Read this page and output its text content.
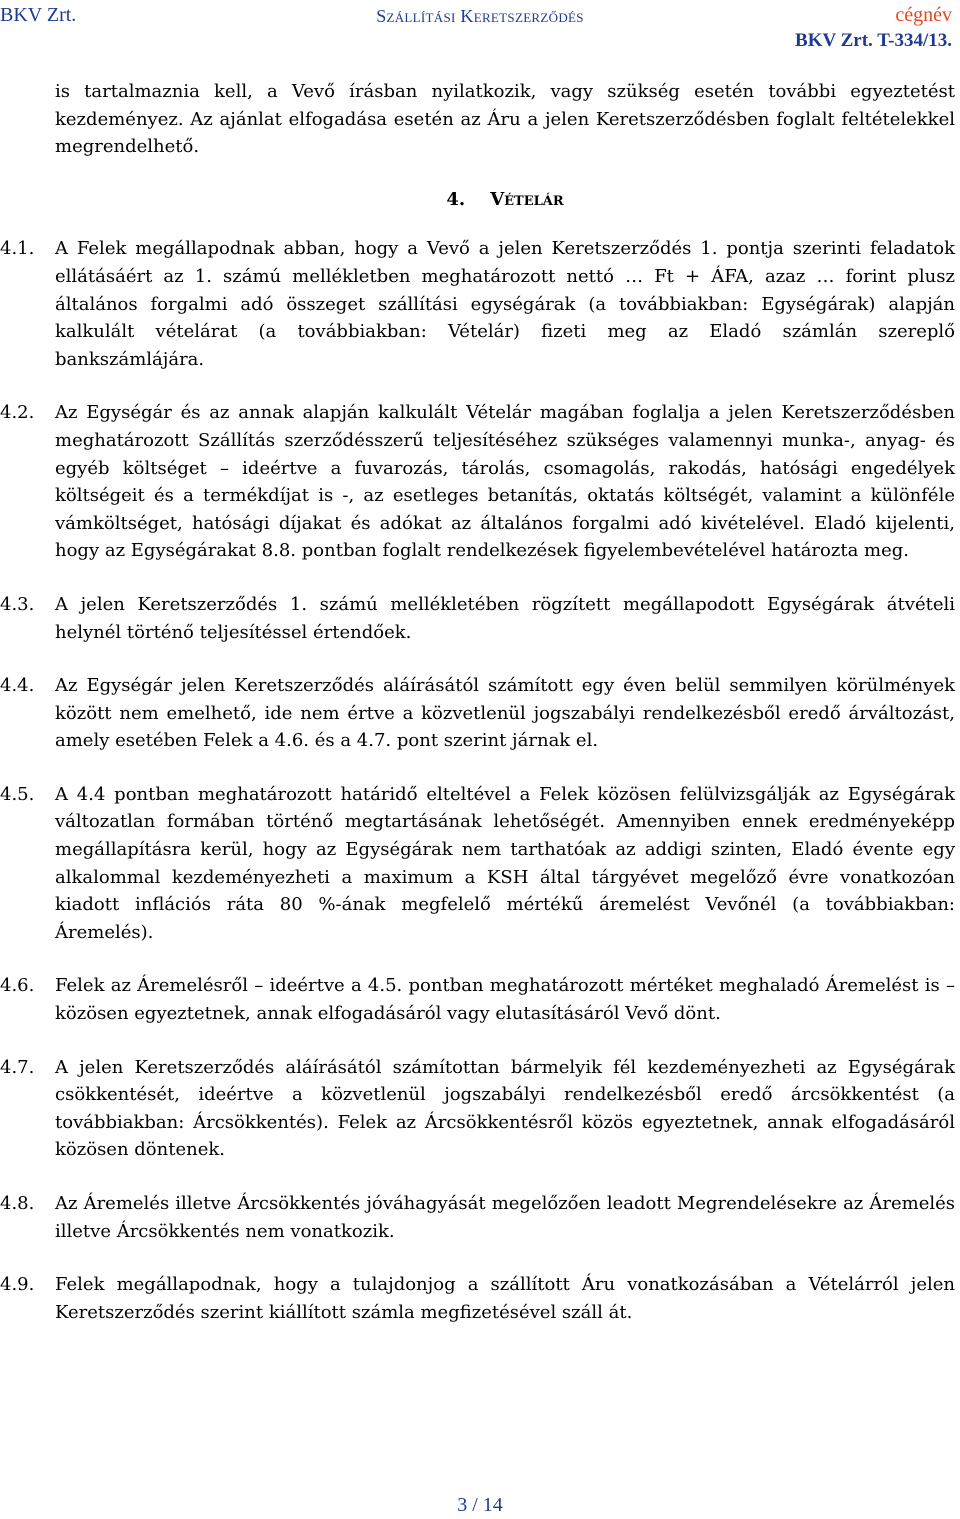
BKV Zrt.	Szállítási Keretszerződés	cégnév
BKV Zrt. T-334/13.

is tartalmaznia kell, a Vevő írásban nyilatkozik, vagy szükség esetén további egyeztetést kezdeményez. Az ajánlat elfogadása esetén az Áru a jelen Keretszerződésben foglalt feltételekkel megrendelhető.

4. Vételár
4.1. A Felek megállapodnak abban, hogy a Vevő a jelen Keretszerződés 1. pontja szerinti feladatok ellátásáért az 1. számú mellékletben meghatározott nettó … Ft + ÁFA, azaz … forint plusz általános forgalmi adó összeget szállítási egységárak (a továbbiakban: Egységárak) alapján kalkulált vételárat (a továbbiakban: Vételár) fizeti meg az Eladó számlán szereplő bankszámlájára.
4.2. Az Egységár és az annak alapján kalkulált Vételár magában foglalja a jelen Keretszerződésben meghatározott Szállítás szerződésszerű teljesítéséhez szükséges valamennyi munka-, anyag- és egyéb költséget – ideértve a fuvarozás, tárolás, csomagolás, rakodás, hatósági engedélyek költségeit és a termékdíjat is -, az esetleges betanítás, oktatás költségét, valamint a különféle vámköltséget, hatósági díjakat és adókat az általános forgalmi adó kivételével. Eladó kijelenti, hogy az Egységárakat 8.8. pontban foglalt rendelkezések figyelembevételével határozta meg.
4.3. A jelen Keretszerződés 1. számú mellékletében rögzített megállapodott Egységárak átvételi helynél történő teljesítéssel értendőek.
4.4. Az Egységár jelen Keretszerződés aláírásától számított egy éven belül semmilyen körülmények között nem emelhető, ide nem értve a közvetlenül jogszabályi rendelkezésből eredő árváltozást, amely esetében Felek a 4.6. és a 4.7. pont szerint járnak el.
4.5. A 4.4 pontban meghatározott határidő elteltével a Felek közösen felülvizsgálják az Egységárak változatlan formában történő megtartásának lehetőségét. Amennyiben ennek eredményeképp megállapításra kerül, hogy az Egységárak nem tarthatóak az addigi szinten, Eladó évente egy alkalommal kezdeményezheti a maximum a KSH által tárgyévet megelőző évre vonatkozóan kiadott inflációs ráta 80 %-ának megfelelő mértékű áremelést Vevőnél (a továbbiakban: Áremelés).
4.6. Felek az Áremelésről – ideértve a 4.5. pontban meghatározott mértéket meghaladó Áremelést is – közösen egyeztetnek, annak elfogadásáról vagy elutasításáról Vevő dönt.
4.7. A jelen Keretszerződés aláírásától számítottan bármelyik fél kezdeményezheti az Egységárak csökkentését, ideértve a közvetlenül jogszabályi rendelkezésből eredő árcsökkentést (a továbbiakban: Árcsökkentés). Felek az Árcsökkentésről közös egyeztetnek, annak elfogadásáról közösen döntenek.
4.8. Az Áremelés illetve Árcsökkentés jóváhagyását megelőzően leadott Megrendelésekre az Áremelés illetve Árcsökkentés nem vonatkozik.
4.9. Felek megállapodnak, hogy a tulajdonjog a szállított Áru vonatkozásában a Vételárról jelen Keretszerződés szerint kiállított számla megfizetésével száll át.
3 / 14
